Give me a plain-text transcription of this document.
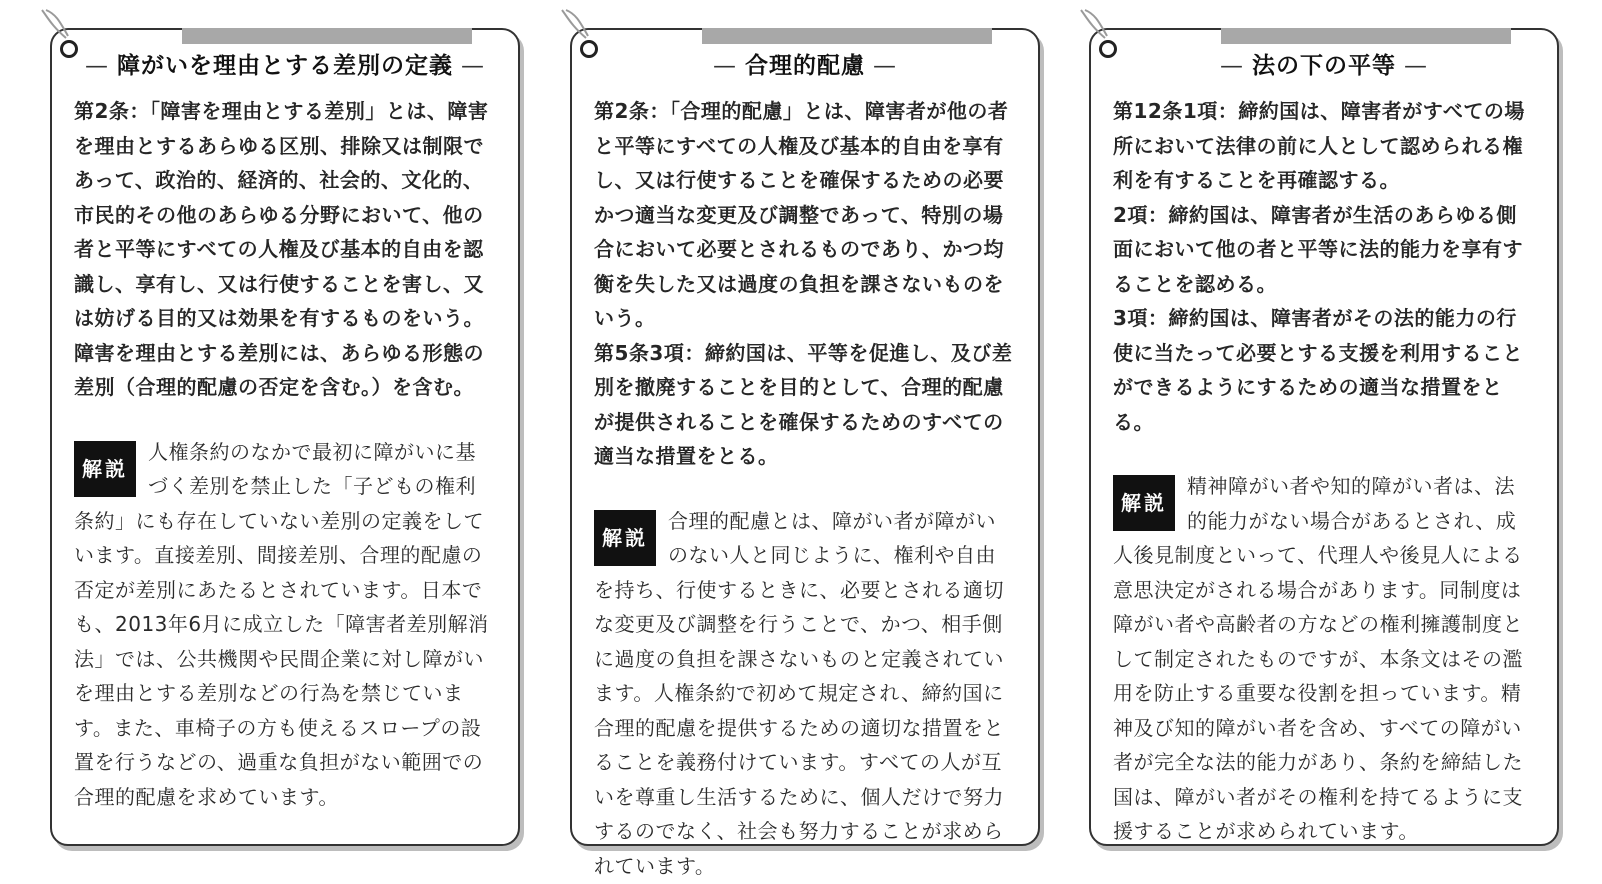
— 障がいを理由とする差別の定義 —

第2条：「障害を理由とする差別」とは、障害を理由とするあらゆる区別、排除又は制限であって、政治的、経済的、社会的、文化的、市民的その他のあらゆる分野において、他の者と平等にすべての人権及び基本的自由を認識し、享有し、又は行使することを害し、又は妨げる目的又は効果を有するものをいう。障害を理由とする差別には、あらゆる形態の差別（合理的配慮の否定を含む。）を含む。

解説
人権条約のなかで最初に障がいに基づく差別を禁止した「子どもの権利条約」にも存在していない差別の定義をしています。直接差別、間接差別、合理的配慮の否定が差別にあたるとされています。日本でも、2013年6月に成立した「障害者差別解消法」では、公共機関や民間企業に対し障がいを理由とする差別などの行為を禁じています。また、車椅子の方も使えるスロープの設置を行うなどの、過重な負担がない範囲での合理的配慮を求めています。
— 合理的配慮 —

第2条：「合理的配慮」とは、障害者が他の者と平等にすべての人権及び基本的自由を享有し、又は行使することを確保するための必要かつ適当な変更及び調整であって、特別の場合において必要とされるものであり、かつ均衡を失した又は過度の負担を課さないものをいう。

第5条3項：締約国は、平等を促進し、及び差別を撤廃することを目的として、合理的配慮が提供されることを確保するためのすべての適当な措置をとる。

解説
合理的配慮とは、障がい者が障がいのない人と同じように、権利や自由を持ち、行使するときに、必要とされる適切な変更及び調整を行うことで、かつ、相手側に過度の負担を課さないものと定義されています。人権条約で初めて規定され、締約国に合理的配慮を提供するための適切な措置をとることを義務付けています。すべての人が互いを尊重し生活するために、個人だけで努力するのでなく、社会も努力することが求められています。
— 法の下の平等 —

第12条1項：締約国は、障害者がすべての場所において法律の前に人として認められる権利を有することを再確認する。

2項：締約国は、障害者が生活のあらゆる側面において他の者と平等に法的能力を享有することを認める。

3項：締約国は、障害者がその法的能力の行使に当たって必要とする支援を利用することができるようにするための適当な措置をとる。

解説
精神障がい者や知的障がい者は、法的能力がない場合があるとされ、成人後見制度といって、代理人や後見人による意思決定がされる場合があります。同制度は障がい者や高齢者の方などの権利擁護制度として制定されたものですが、本条文はその濫用を防止する重要な役割を担っています。精神及び知的障がい者を含め、すべての障がい者が完全な法的能力があり、条約を締結した国は、障がい者がその権利を持てるように支援することが求められています。
